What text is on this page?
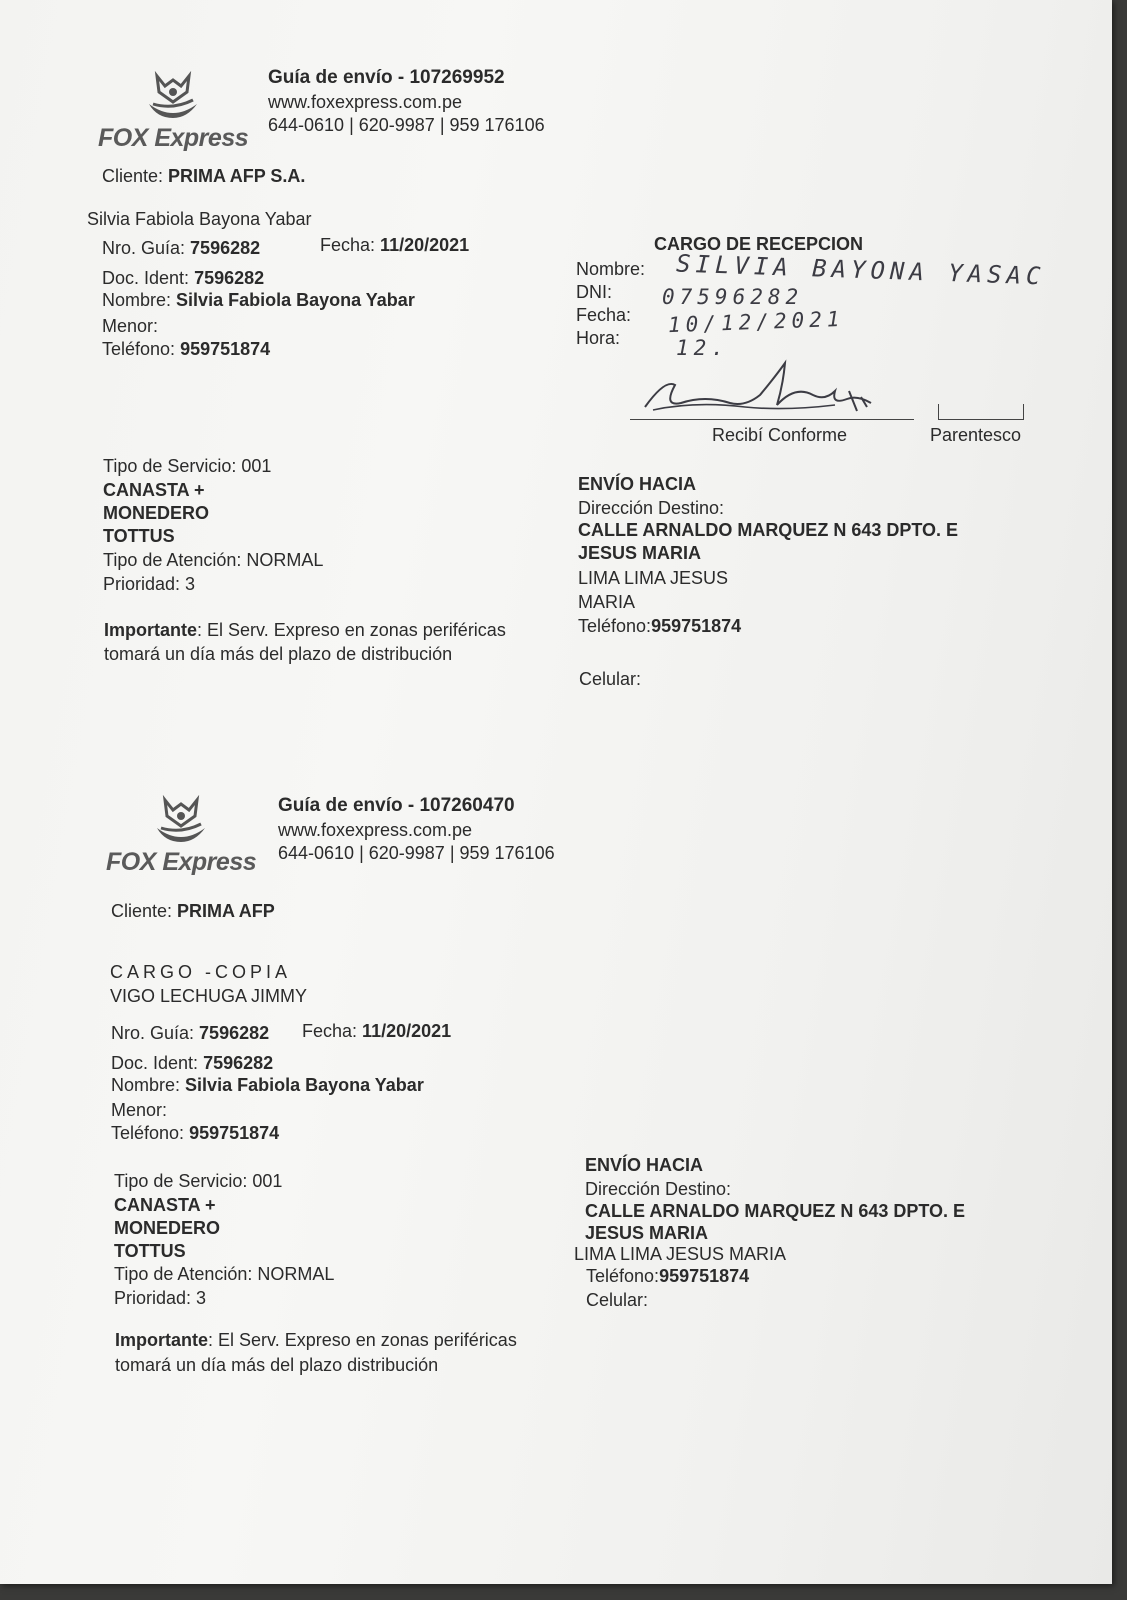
FOX Express
Guía de envío - 107269952
www.foxexpress.com.pe
644-0610 | 620-9987 | 959 176106
Cliente: PRIMA AFP S.A.
Silvia Fabiola Bayona Yabar
Nro. Guía: 7596282	Fecha: 11/20/2021
Doc. Ident: 7596282
Nombre: Silvia Fabiola Bayona Yabar
Menor:
Teléfono: 959751874
CARGO DE RECEPCION
Nombre: SILVIA BAYONA YASAC
DNI: 07596282
Fecha: 10/12/2021
Hora:	12.
Recibí Conforme	Parentesco
Tipo de Servicio: 001
CANASTA +
MONEDERO
TOTTUS
Tipo de Atención: NORMAL
Prioridad: 3
Importante: El Serv. Expreso en zonas periféricas
tomará un día más del plazo de distribución
ENVÍO HACIA
Dirección Destino:
CALLE ARNALDO MARQUEZ N 643 DPTO. E
JESUS MARIA
LIMA LIMA JESUS
MARIA
Teléfono:959751874
Celular:
FOX Express
Guía de envío - 107260470
www.foxexpress.com.pe
644-0610 | 620-9987 | 959 176106
Cliente: PRIMA AFP
CARGO -COPIA
VIGO LECHUGA JIMMY
Nro. Guía: 7596282 Fecha: 11/20/2021
Doc. Ident: 7596282
Nombre: Silvia Fabiola Bayona Yabar
Menor:
Teléfono: 959751874
Tipo de Servicio: 001
CANASTA +
MONEDERO
TOTTUS
Tipo de Atención: NORMAL
Prioridad: 3
Importante: El Serv. Expreso en zonas periféricas
tomará un día más del plazo distribución
ENVÍO HACIA
Dirección Destino:
CALLE ARNALDO MARQUEZ N 643 DPTO. E
JESUS MARIA
LIMA LIMA JESUS MARIA
Teléfono:959751874
Celular:
